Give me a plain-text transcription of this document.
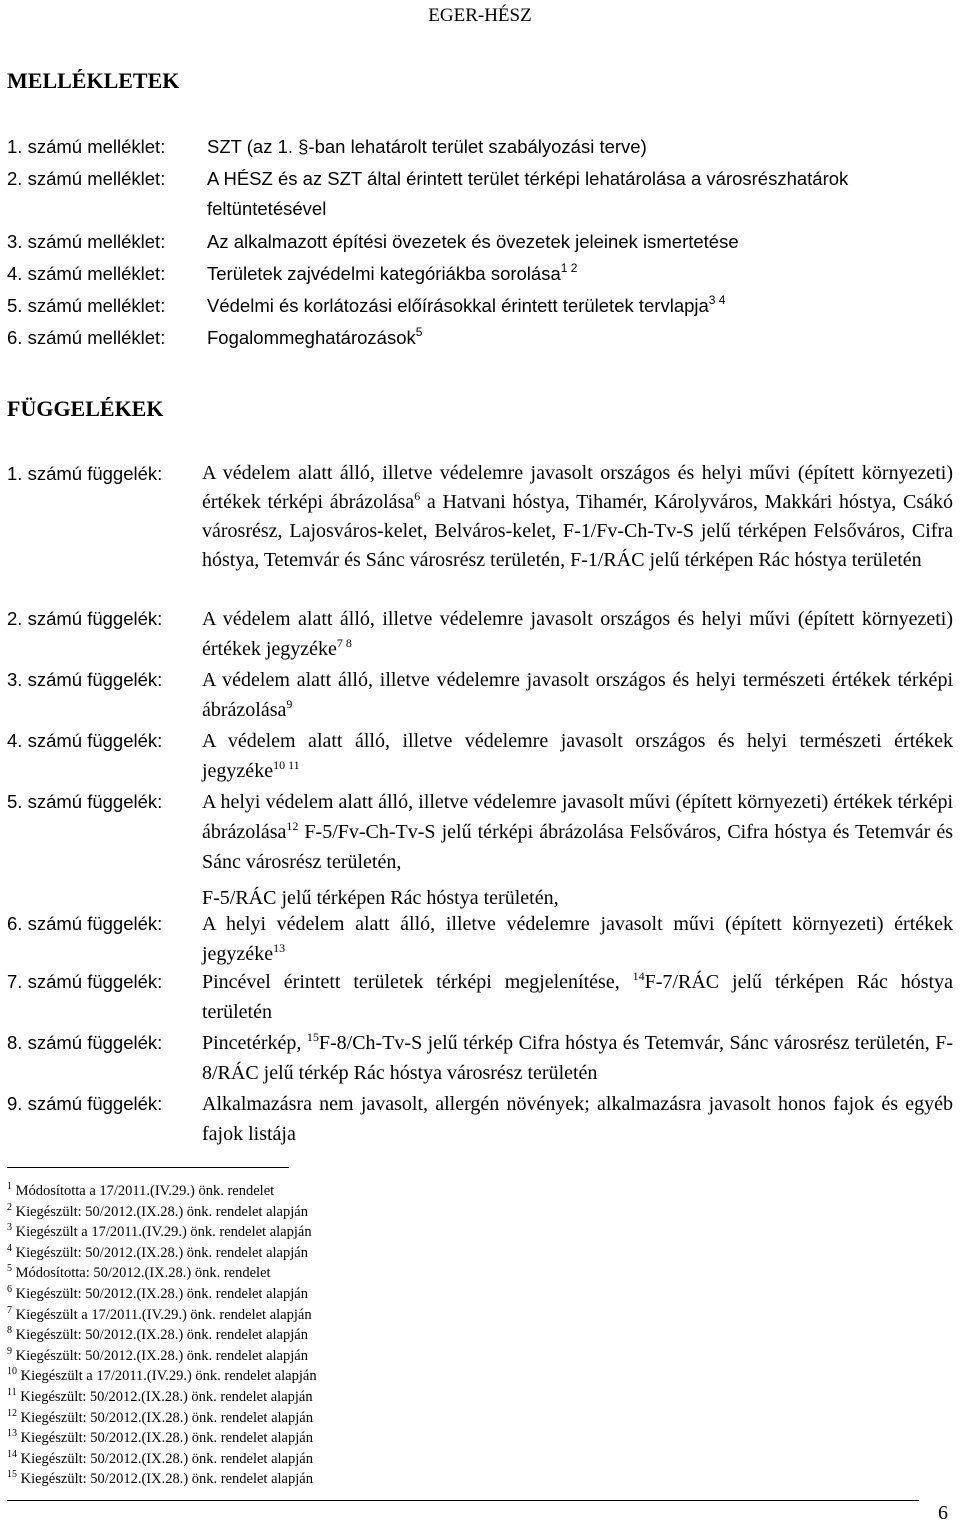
EGER-HÉSZ
MELLÉKLETEK
1. számú melléklet: SZT (az 1. §-ban lehatárolt terület szabályozási terve)
2. számú melléklet: A HÉSZ és az SZT által érintett terület térképi lehatárolása a városrészhatárok feltüntetésével
3. számú melléklet: Az alkalmazott építési övezetek és övezetek jeleinek ismertetése
4. számú melléklet: Területek zajvédelmi kategóriákba sorolása$^{1 2}$
5. számú melléklet: Védelmi és korlátozási előírásokkal érintett területek tervlapja$^{3 4}$
6. számú melléklet: Fogalommeghatározások$^5$
FÜGGELÉKEK
1. számú függelék: A védelem alatt álló, illetve védelemre javasolt országos és helyi művi (épített környezeti) értékek térképi ábrázolása$^6$ a Hatvani hóstya, Tihamér, Károlyváros, Makkári hóstya, Csákó városrész, Lajosváros-kelet, Belváros-kelet, F-1/Fv-Ch-Tv-S jelű térképen Felsőváros, Cifra hóstya, Tetemvár és Sánc városrész területén, F-1/RÁC jelű térképen Rác hóstya területén
2. számú függelék: A védelem alatt álló, illetve védelemre javasolt országos és helyi művi (épített környezeti) értékek jegyzéke$^{7 8}$
3. számú függelék: A védelem alatt álló, illetve védelemre javasolt országos és helyi természeti értékek térképi ábrázolása$^9$
4. számú függelék: A védelem alatt álló, illetve védelemre javasolt országos és helyi természeti értékek jegyzéke$^{10 11}$
5. számú függelék: A helyi védelem alatt álló, illetve védelemre javasolt művi (épített környezeti) értékek térképi ábrázolása$^{12}$ F-5/Fv-Ch-Tv-S jelű térképi ábrázolása Felsőváros, Cifra hóstya és Tetemvár és Sánc városrész területén,
F-5/RÁC jelű térképen Rác hóstya területén,
6. számú függelék: A helyi védelem alatt álló, illetve védelemre javasolt művi (épített környezeti) értékek jegyzéke$^{13}$
7. számú függelék: Pincével érintett területek térképi megjelenítése, $^{14}$F-7/RÁC jelű térképen Rác hóstya területén
8. számú függelék: Pincetérkép, $^{15}$F-8/Ch-Tv-S jelű térkép Cifra hóstya és Tetemvár, Sánc városrész területén, F-8/RÁC jelű térkép Rác hóstya városrész területén
9. számú függelék: Alkalmazásra nem javasolt, allergén növények; alkalmazásra javasolt honos fajok és egyéb fajok listája
$^1$ Módosította a 17/2011.(IV.29.) önk. rendelet
$^2$ Kiegészült: 50/2012.(IX.28.) önk. rendelet alapján
$^3$ Kiegészült a 17/2011.(IV.29.) önk. rendelet alapján
$^4$ Kiegészült: 50/2012.(IX.28.) önk. rendelet alapján
$^5$ Módosította: 50/2012.(IX.28.) önk. rendelet
$^6$ Kiegészült: 50/2012.(IX.28.) önk. rendelet alapján
$^7$ Kiegészült a 17/2011.(IV.29.) önk. rendelet alapján
$^8$ Kiegészült: 50/2012.(IX.28.) önk. rendelet alapján
$^9$ Kiegészült: 50/2012.(IX.28.) önk. rendelet alapján
$^{10}$ Kiegészült a 17/2011.(IV.29.) önk. rendelet alapján
$^{11}$ Kiegészült: 50/2012.(IX.28.) önk. rendelet alapján
$^{12}$ Kiegészült: 50/2012.(IX.28.) önk. rendelet alapján
$^{13}$ Kiegészült: 50/2012.(IX.28.) önk. rendelet alapján
$^{14}$ Kiegészült: 50/2012.(IX.28.) önk. rendelet alapján
$^{15}$ Kiegészült: 50/2012.(IX.28.) önk. rendelet alapján
6
